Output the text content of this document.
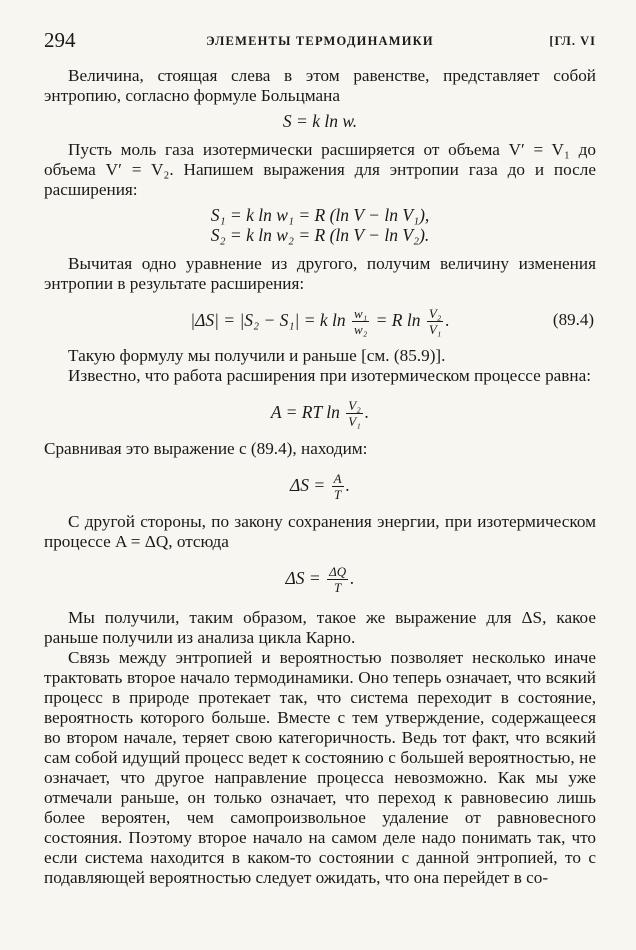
294	ЭЛЕМЕНТЫ ТЕРМОДИНАМИКИ	[ГЛ. VI
Величина, стоящая слева в этом равенстве, представляет собой энтропию, согласно формуле Больцмана
S = k ln w.
Пусть моль газа изотермически расширяется от объема V′ = V₁ до объема V′ = V₂. Напишем выражения для энтропии газа до и после расширения:
S₁ = k ln w₁ = R (ln V − ln V₁),
S₂ = k ln w₂ = R (ln V − ln V₂).
Вычитая одно уравнение из другого, получим величину изменения энтропии в результате расширения:
|ΔS| = |S₂ − S₁| = k $\ln \frac{\text{w₁}}{\text{w₂}} = R$ $\ln \frac{\text{V₂}}{\text{V₁}}$ .	(89.4)
Такую формулу мы получили и раньше [см. (85.9)].
Известно, что работа расширения при изотермическом процессе равна:
A = RT $\ln \frac{\text{V₂}}{\text{V₁}}$ .
Сравнивая это выражение с (89.4), находим:
$\Delta S = \frac{A}{T}$ .
С другой стороны, по закону сохранения энергии, при изотермическом процессе A = ΔQ, отсюда
$\Delta S = \frac{\Delta Q}{T}$ .
Мы получили, таким образом, такое же выражение для ΔS, какое раньше получили из анализа цикла Карно.
Связь между энтропией и вероятностью позволяет несколько иначе трактовать второе начало термодинамики. Оно теперь означает, что всякий процесс в природе протекает так, что система переходит в состояние, вероятность которого больше. Вместе с тем утверждение, содержащееся во втором начале, теряет свою категоричность. Ведь тот факт, что всякий сам собой идущий процесс ведет к состоянию с большей вероятностью, не означает, что другое направление процесса невозможно. Как мы уже отмечали раньше, он только означает, что переход к равновесию лишь более вероятен, чем самопроизвольное удаление от равновесного состояния. Поэтому второе начало на самом деле надо понимать так, что если система находится в каком-то состоянии с данной энтропией, то с подавляющей вероятностью следует ожидать, что она перейдет в со-
